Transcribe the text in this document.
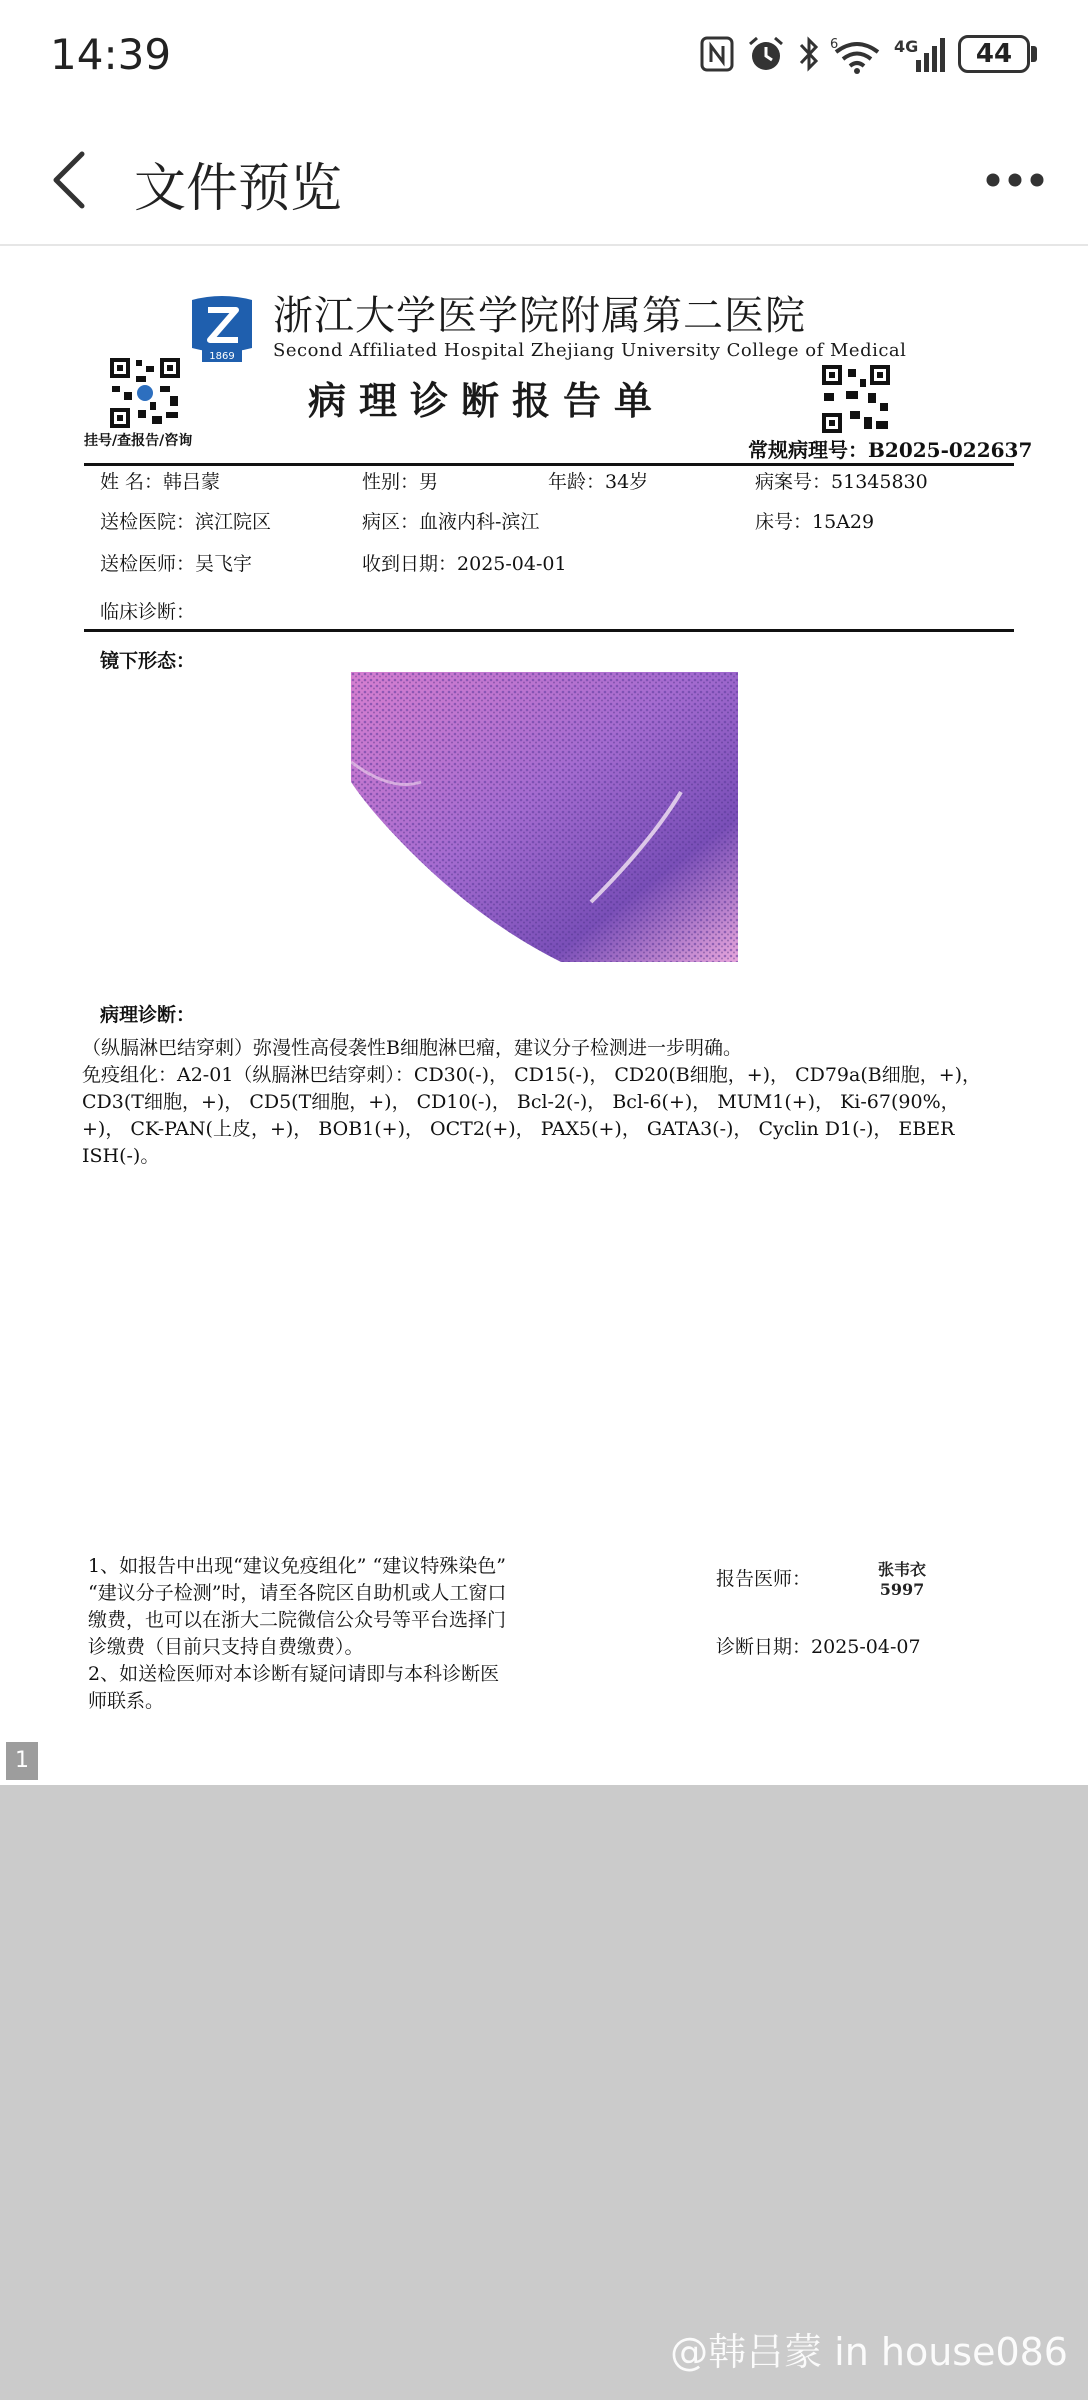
14:39	6	4G	44
文件预览
1869
浙江大学医学院附属第二医院
Second Affiliated Hospital Zhejiang University College of Medical
挂号/查报告/咨询
病理诊断报告单
常规病理号：B2025-022637
姓 名：韩吕蒙	性别：男	年龄：34岁	病案号：51345830
送检医院：滨江院区	病区：血液内科-滨江	床号：15A29
送检医师：吴飞宇	收到日期：2025-04-01
临床诊断：
镜下形态：
病理诊断：
（纵膈淋巴结穿刺）弥漫性高侵袭性B细胞淋巴瘤，建议分子检测进一步明确。
免疫组化：A2-01（纵膈淋巴结穿刺）：CD30(-)， CD15(-)， CD20(B细胞，+)， CD79a(B细胞，+)， CD3(T细胞，+)， CD5(T细胞，+)， CD10(-)， Bcl-2(-)， Bcl-6(+)， MUM1(+)， Ki-67(90%，+)， CK-PAN(上皮，+)， BOB1(+)， OCT2(+)， PAX5(+)， GATA3(-)， Cyclin D1(-)， EBER ISH(-)。
1、如报告中出现“建议免疫组化” “建议特殊染色” “建议分子检测”时，请至各院区自助机或人工窗口缴费，也可以在浙大二院微信公众号等平台选择门诊缴费（目前只支持自费缴费）。
2、如送检医师对本诊断有疑问请即与本科诊断医师联系。
报告医师：	张韦衣
5997
诊断日期：2025-04-07
1
@韩吕蒙 in house086
